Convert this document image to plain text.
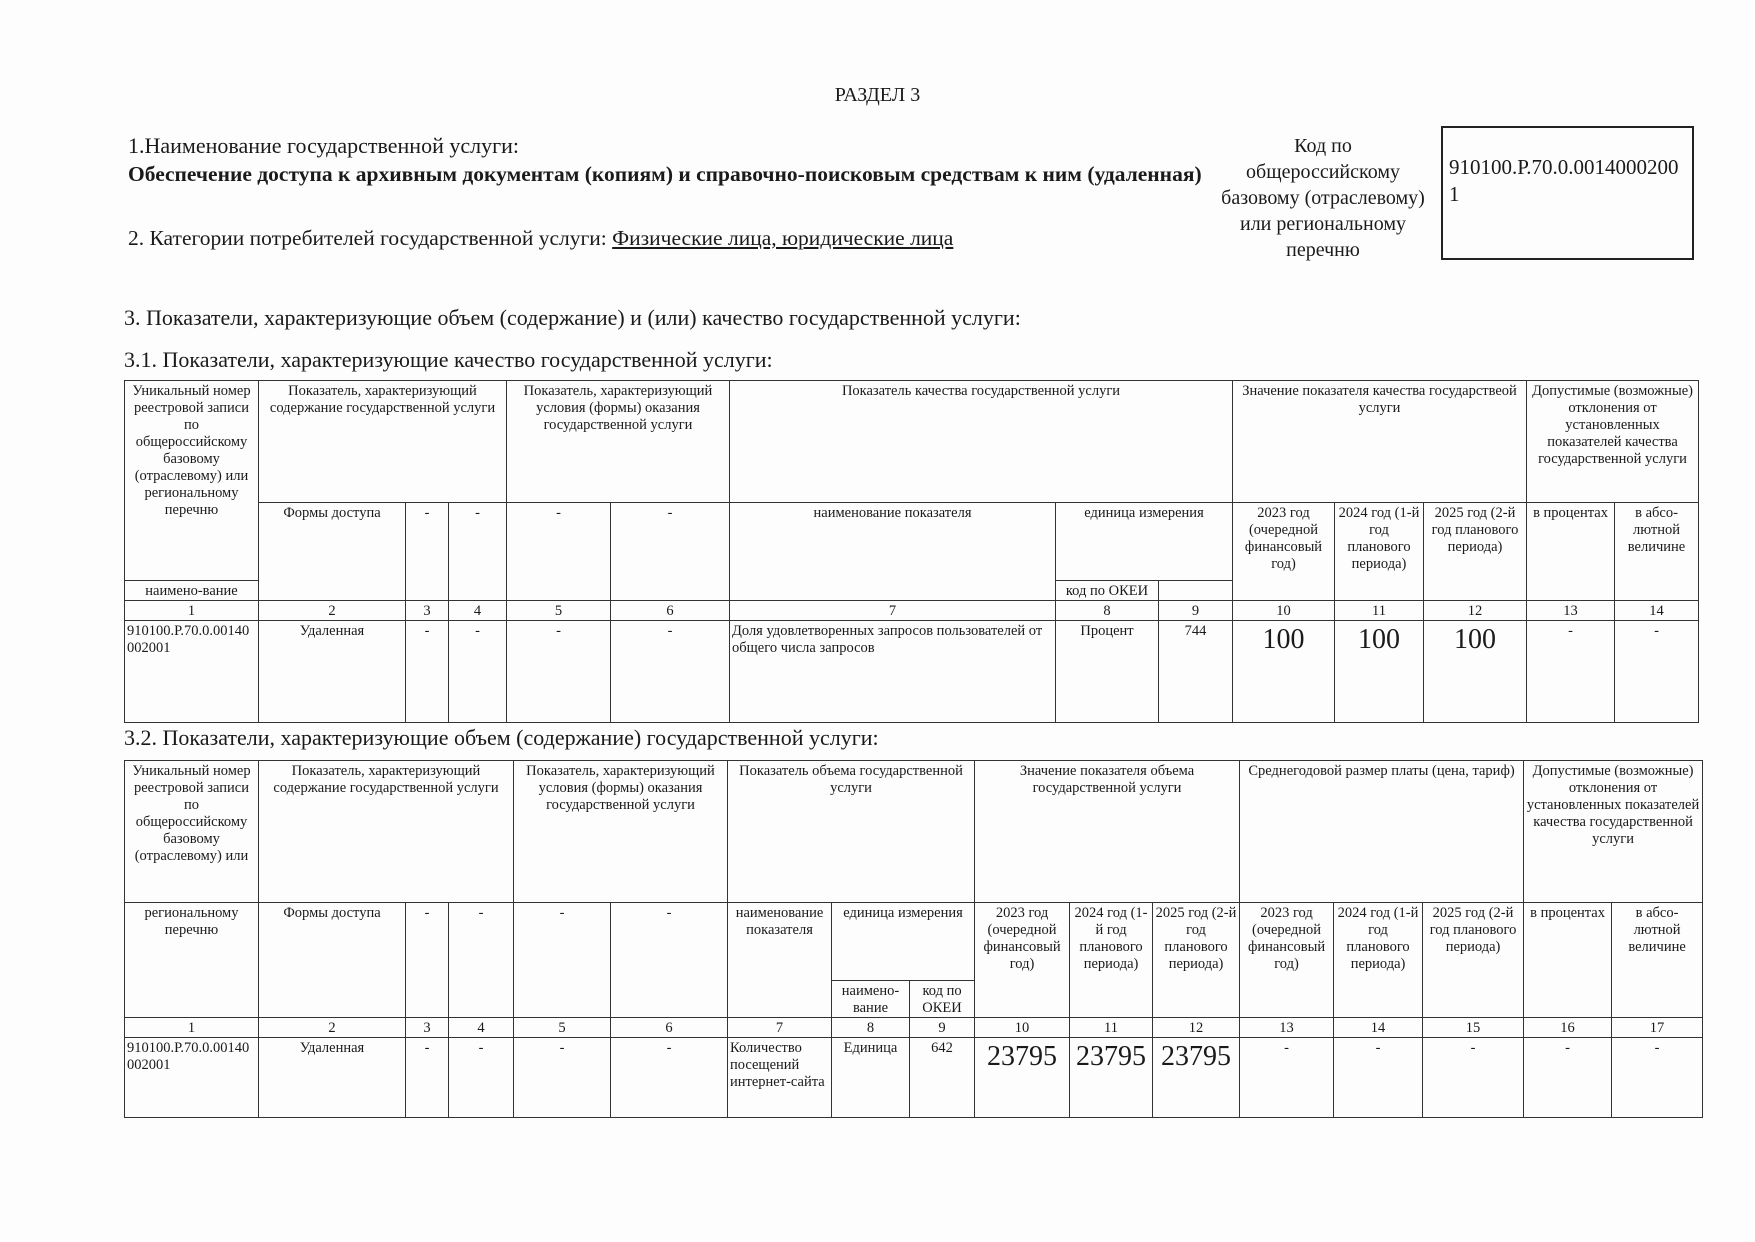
РАЗДЕЛ 3
1.Наименование государственной услуги:
Обеспечение доступа к архивным документам (копиям) и справочно-поисковым средствам к ним (удаленная)
2. Категории потребителей государственной услуги: Физические лица, юридические лица
Код по общероссийскому базовому (отраслевому) или региональному перечню
910100.Р.70.0.00140002001
3. Показатели, характеризующие объем (содержание) и (или) качество государственной услуги:
3.1. Показатели, характеризующие качество государственной услуги:
Уникальный номер реестровой записи по общероссийскому базовому (отраслевому) или региональному перечню	Показатель, характеризующий содержание государственной услуги			Показатель, характеризующий условия (формы) оказания государственной услуги		Показатель качества государственной услуги			Значение показателя качества государствеой услуги			Допустимые (возможные) отклонения от установленных показателей качества государственной услуги	
	Формы доступа	-	-	-	-	наименование показателя	единица измерения		2023 год (очередной финансовый год)	2024 год (1-й год планового периода)	2025 год (2-й год планового периода)	в процентах	в абсо-лютной величине
наимено-вание							код по ОКЕИ						
1	2	3	4	5	6	7	8	9	10	11	12	13	14
910100.Р.70.0.00140002001	Удаленная	-	-	-	-	Доля удовлетворенных запросов пользователей от общего числа запросов	Процент	744	100	100	100	-	-
3.2. Показатели, характеризующие объем (содержание) государственной услуги:
Уникальный номер реестровой записи по общероссийскому базовому (отраслевому) или	Показатель, характеризующий содержание государственной услуги			Показатель, характеризующий условия (формы) оказания государственной услуги		Показатель объема государственной услуги			Значение показателя объема государственной услуги			Среднегодовой размер платы (цена, тариф)			Допустимые (возможные) отклонения от установленных показателей качества государственной услуги	
региональному перечню	Формы доступа	-	-	-	-	наименование показателя	единица измерения		2023 год (очередной финансовый год)	2024 год (1-й год планового периода)	2025 год (2-й год планового периода)	2023 год (очередной финансовый год)	2024 год (1-й год планового периода)	2025 год (2-й год планового периода)	в процентах	в абсо-лютной величине
							наимено-вание	код по ОКЕИ								
1	2	3	4	5	6	7	8	9	10	11	12	13	14	15	16	17
910100.Р.70.0.00140002001	Удаленная	-	-	-	-	Количество посещений интернет-сайта	Единица	642	23795	23795	23795	-	-	-	-	-
